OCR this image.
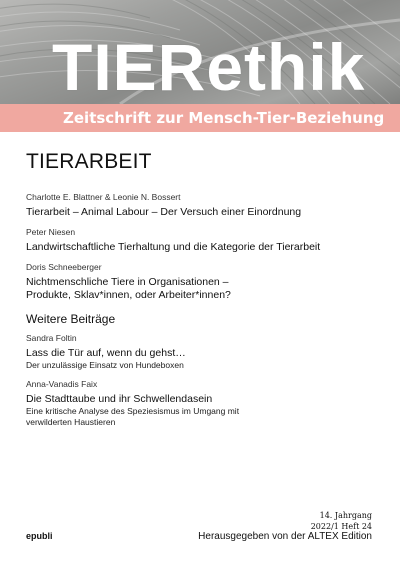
TIERethik
Zeitschrift zur Mensch-Tier-Beziehung
TIERARBEIT
Charlotte E. Blattner & Leonie N. Bossert
Tierarbeit – Animal Labour – Der Versuch einer Einordnung
Peter Niesen
Landwirtschaftliche Tierhaltung und die Kategorie der Tierarbeit
Doris Schneeberger
Nichtmenschliche Tiere in Organisationen –
Produkte, Sklav*innen, oder Arbeiter*innen?
Weitere Beiträge
Sandra Foltin
Lass die Tür auf, wenn du gehst…
Der unzulässige Einsatz von Hundeboxen
Anna-Vanadis Faix
Die Stadttaube und ihr Schwellendasein
Eine kritische Analyse des Speziesismus im Umgang mit
verwilderten Haustieren
14. Jahrgang
2022/1 Heft 24
epubli	Herausgegeben von der ALTEX Edition
